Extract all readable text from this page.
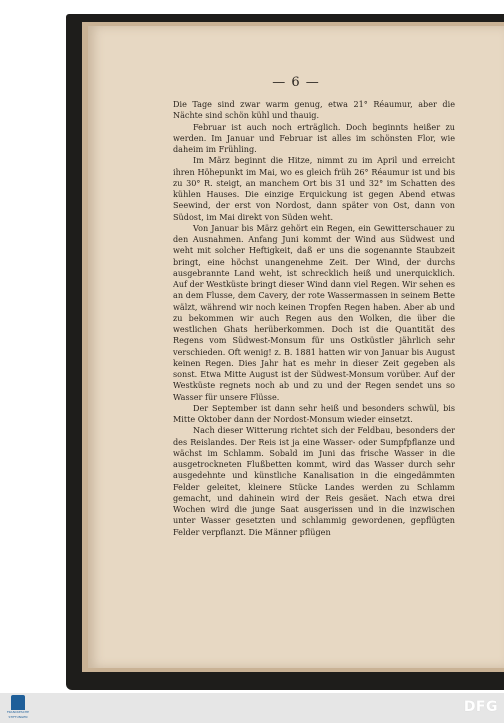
— 6 —

Die Tage sind zwar warm genug, etwa 21° Réaumur, aber die Nächte sind schön kühl und thauig.

Februar ist auch noch erträglich. Doch beginnts heißer zu werden. Im Januar und Februar ist alles im schönsten Flor, wie daheim im Frühling.

Im März beginnt die Hitze, nimmt zu im April und erreicht ihren Höhepunkt im Mai, wo es gleich früh 26° Réaumur ist und bis zu 30° R. steigt, an manchem Ort bis 31 und 32° im Schatten des kühlen Hauses. Die einzige Erquickung ist gegen Abend etwas Seewind, der erst von Nordost, dann später von Ost, dann von Südost, im Mai direkt von Süden weht.

Von Januar bis März gehört ein Regen, ein Gewitterschauer zu den Ausnahmen. Anfang Juni kommt der Wind aus Südwest und weht mit solcher Heftigkeit, daß er uns die sogenannte Staubzeit bringt, eine höchst unangenehme Zeit. Der Wind, der durchs ausgebrannte Land weht, ist schrecklich heiß und unerquicklich. Auf der Westküste bringt dieser Wind dann viel Regen. Wir sehen es an dem Flusse, dem Cavery, der rote Wassermassen in seinem Bette wälzt, während wir noch keinen Tropfen Regen haben. Aber ab und zu bekommen wir auch Regen aus den Wolken, die über die westlichen Ghats herüberkommen. Doch ist die Quantität des Regens vom Südwest-Monsum für uns Ostküstler jährlich sehr verschieden. Oft wenig! z. B. 1881 hatten wir von Januar bis August keinen Regen. Dies Jahr hat es mehr in dieser Zeit gegeben als sonst. Etwa Mitte August ist der Südwest-Monsum vorüber. Auf der Westküste regnets noch ab und zu und der Regen sendet uns so Wasser für unsere Flüsse.

Der September ist dann sehr heiß und besonders schwül, bis Mitte Oktober dann der Nordost-Monsum wieder einsetzt.

Nach dieser Witterung richtet sich der Feldbau, besonders der des Reislandes. Der Reis ist ja eine Wasser- oder Sumpfpflanze und wächst im Schlamm. Sobald im Juni das frische Wasser in die ausgetrockneten Flußbetten kommt, wird das Wasser durch sehr ausgedehnte und künstliche Kanalisation in die eingedämmten Felder geleitet, kleinere Stücke Landes werden zu Schlamm gemacht, und dahinein wird der Reis gesäet. Nach etwa drei Wochen wird die junge Saat ausgerissen und in die inzwischen unter Wasser gesetzten und schlammig gewordenen, gepflügten Felder verpflanzt. Die Männer pflügen

FRANCKESCHE
STIFTUNGEN
DFG
